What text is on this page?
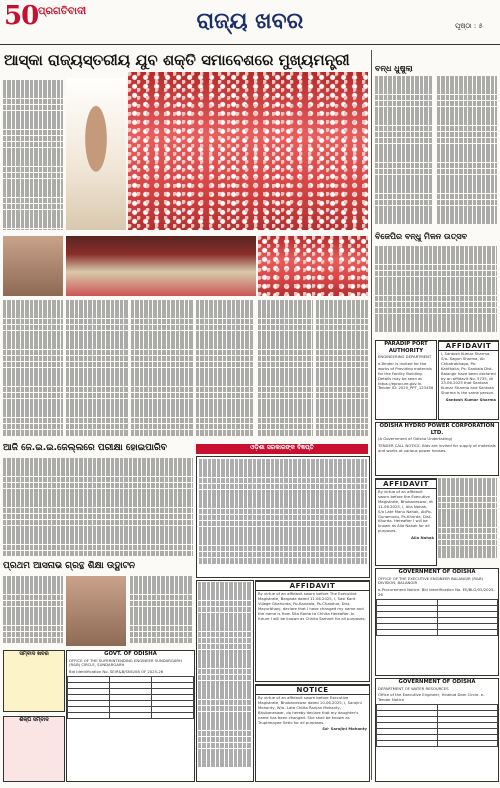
50 ପ୍ରଗତିବାଦୀ	ରାଜ୍ୟ ଖବର	ପୃଷ୍ଠା : ୫
ଆସ୍କା ରାଜ୍ୟସ୍ତରୀୟ ଯୁବ ଶକ୍ତି ସମାବେଶରେ ମୁଖ୍ୟମନ୍ତ୍ରୀ	ବନ୍ଧ ଧୁଷୁଲା
ବିଜେପିର ବନ୍ଧୁ ମିଳନ ଉତ୍ସବ
ଆଜି ଜେ.ଇ.ଇ.ଜେଲ୍ଲରେ ପରୀକ୍ଷା ହୋଇପାରିବ
ପ୍ରଥମ ଆସନାଭ ଗ୍ରନ୍ଥ ଶିକ୍ଷା ଉଦ୍ଘାଟନ
ସମ୍ବାଦ ଖବର
ଶିଳ୍ପ ସମ୍ବାଦ
GOVT. OF ODISHA
OFFICE OF THE SUPERINTENDING ENGINEER SUNDARGARH (R&B) CIRCLE, SUNDARGARH
Bid Identification No. SE/R&B/SNG/08 OF 2025-26

ଓଡ଼ିଶା ସରକାରଙ୍କ ବିଜ୍ଞପ୍ତି
AFFIDAVIT
By virtue of an affidavit sworn before The Executive Magistrate, Bargada dated 11.06.2025, I, Sasi Kant Village Ghahurda, Po-Kandala, Ps-Chandua, Dist-Mayurbhanj, declare that I have changed my name and the name is from Sita Rama to Chhita Hereafter. In future I will be known as Chhita Samant for all purposes.
NOTICE
By virtue of an affidavit sworn before Executive Magistrate, Bhubaneswar dated 10.06.2025, I, Sarojini Mohanty, W/o- Late Chitta Ranjan Mohanty, Bhubaneswar, do hereby declare that my daughter's name has been changed. She shall be known as Truptimayee Sethi for all purposes.
Sd- Sarojini Mohanty
PARADIP PORT AUTHORITY
ENGINEERING DEPARTMENT
e-Tender is invited for the works of Providing materials for the Facility Building. Details may be seen at https://eprocure.gov.in. Tender ID: 2025_PPT_123456
AFFIDAVIT
I, Santosh Kumar Sharma, S/o- Sagun Sharma, At: Chhatrabhaga, Po: Kanthalia, Ps: Sankala Dist- Balangir have been declared by an affidavit No. 5735, dt 23.06.2025 that Santosh Kumar Sharma and Santosh Sharma is the same person.
Santosh Kumar Sharma
ODISHA HYDRO POWER CORPORATION LTD.
(A Government of Odisha Undertaking)
TENDER CALL NOTICE. Bids are invited for supply of materials and works at various power houses.
AFFIDAVIT
By virtue of an affidavit sworn before the Executive Magistrate, Bhubaneswar, dt 11.06.2025, I, Alla Nahak, S/o Late Manu Nahak, At/Po-Gunamudu, Ps-Khurda, Dist-Khurda. Hereafter I will be known as Alla Nahak for all purposes.
Alla Nahak
GOVERNMENT OF ODISHA
OFFICE OF THE EXECUTIVE ENGINEER BALANGIR (R&B) DIVISION, BALANGIR
e-Procurement Notice. Bid Identification No. EE/BLG/02/2025-26

GOVERNMENT OF ODISHA
DEPARTMENT OF WATER RESOURCES
Office of the Executive Engineer, Hirakud Dam Circle. e-Tender Notice
